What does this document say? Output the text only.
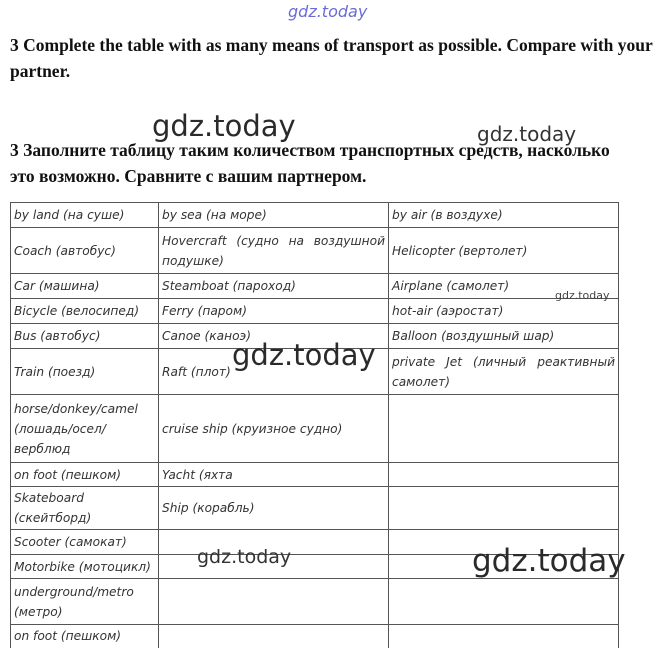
gdz.today
3 Complete the table with as many means of transport as possible. Compare with your partner.
3 Заполните таблицу таким количеством транспортных средств, насколько это возможно. Сравните с вашим партнером.
by land (на суше)	by sea (на море)	by air (в воздухе)
Coach (автобус)	Hovercraft (судно на воздушной подушке)	Helicopter (вертолет)
Car (машина)	Steamboat (пароход)	Airplane (самолет)
Bicycle (велосипед)	Ferry (паром)	hot-air (аэростат)
Bus (автобус)	Canoe (каноэ)	Balloon (воздушный шар)
Train (поезд)	Raft (плот)	private Jet (личный реактивный самолет)
horse/donkey/camel (лошадь/осел/ верблюд	cruise ship (круизное судно)	
on foot (пешком)	Yacht (яхта	
Skateboard (скейтборд)	Ship (корабль)	
Scooter (самокат)		
Motorbike (мотоцикл)		
underground/metro (метро)		
on foot (пешком)		
gdz.today	gdz.today
gdz.today
gdz.today
gdz.today	gdz.today
